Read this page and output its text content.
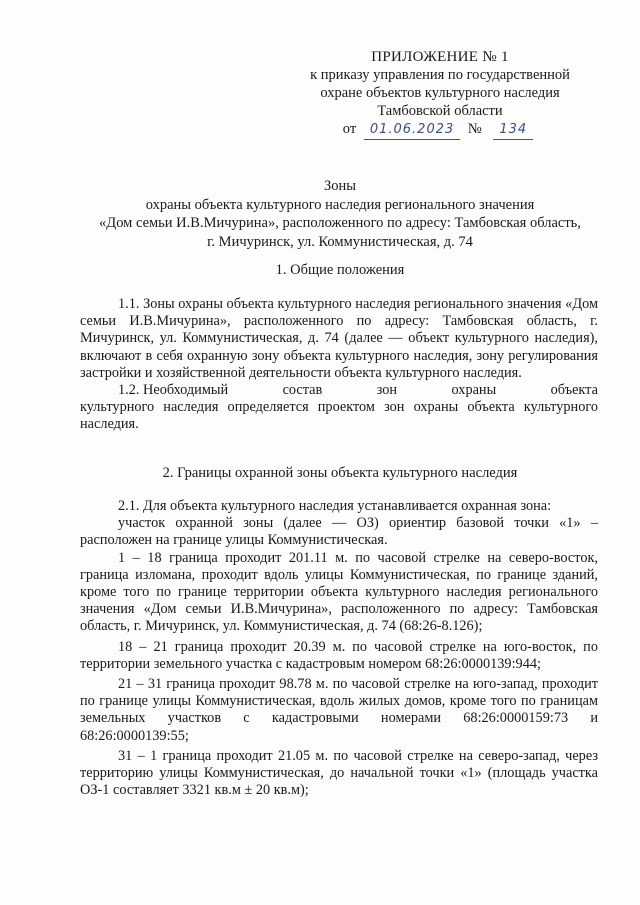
ПРИЛОЖЕНИЕ № 1
к приказу управления по государственной
охране объектов культурного наследия
Тамбовской области
от 01.06.2023 № 134
Зоны
охраны объекта культурного наследия регионального значения
«Дом семьи И.В.Мичурина», расположенного по адресу: Тамбовская область,
г. Мичуринск, ул. Коммунистическая, д. 74
1. Общие положения

1.1. Зоны охраны объекта культурного наследия регионального значения «Дом семьи И.В.Мичурина», расположенного по адресу: Тамбовская область, г. Мичуринск, ул. Коммунистическая, д. 74 (далее — объект культурного наследия), включают в себя охранную зону объекта культурного наследия, зону регулирования застройки и хозяйственной деятельности объекта культурного наследия.

1.2. Необходимый	состав	зон	охраны	объекта
культурного наследия определяется проектом зон охраны объекта культурного наследия.
2. Границы охранной зоны объекта культурного наследия

2.1. Для объекта культурного наследия устанавливается охранная зона:

участок охранной зоны (далее — ОЗ) ориентир базовой точки «1» – расположен на границе улицы Коммунистическая.

1 – 18 граница проходит 201.11 м. по часовой стрелке на северо-восток, граница изломана, проходит вдоль улицы Коммунистическая, по границе зданий, кроме того по границе территории объекта культурного наследия регионального значения «Дом семьи И.В.Мичурина», расположенного по адресу: Тамбовская область, г. Мичуринск, ул. Коммунистическая, д. 74 (68:26-8.126);

18 – 21 граница проходит 20.39 м. по часовой стрелке на юго-восток, по территории земельного участка с кадастровым номером 68:26:0000139:944;

21 – 31 граница проходит 98.78 м. по часовой стрелке на юго-запад, проходит по границе улицы Коммунистическая, вдоль жилых домов, кроме того по границам земельных участков с кадастровыми номерами 68:26:0000159:73 и 68:26:0000139:55;

31 – 1 граница проходит 21.05 м. по часовой стрелке на северо-запад, через территорию улицы Коммунистическая, до начальной точки «1» (площадь участка ОЗ-1 составляет 3321 кв.м ± 20 кв.м);
